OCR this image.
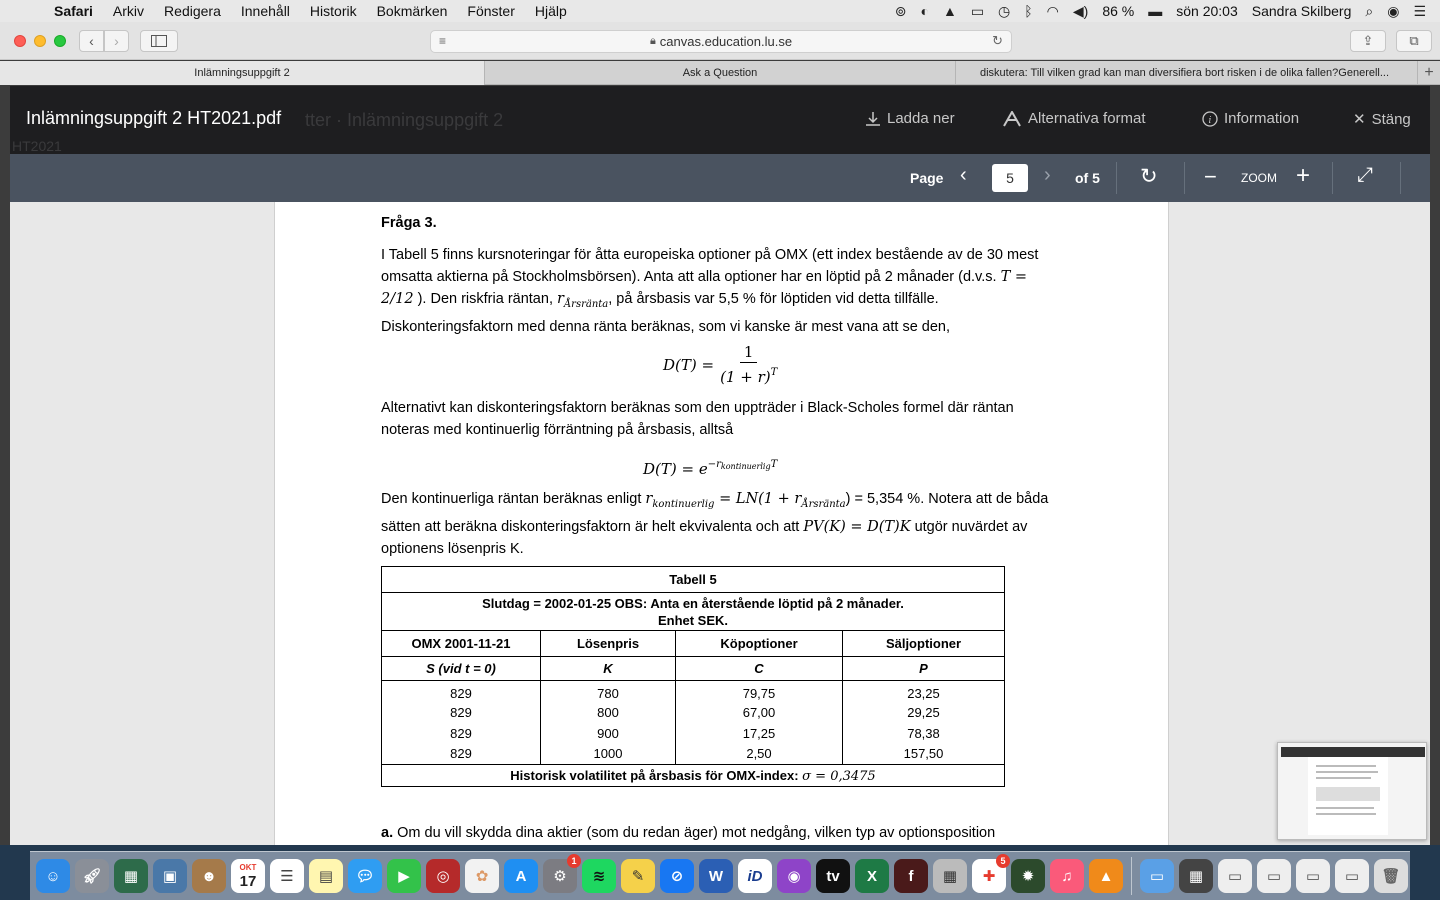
Safari Arkiv Redigera Innehåll Historik Bokmärken Fönster Hjälp	⊚ ◐ ▲ ▭ ◷ ᛒ ◠ ◀) 86 % ▬ sön 20:03 Sandra Skilberg ⌕ ◉ ☰
‹ ›	≡	🔒︎ canvas.education.lu.se	↻	⇪	⧉
Inlämningsuppgift 2	Ask a Question	diskutera: Till vilken grad kan man diversifiera bort risken i de olika fallen?Generell...	+
tter · Inlämningsuppgift 2
HT2021
Inlämningsuppgift 2 HT2021.pdf	Ladda ner	Alternativa format	i Information	✕ Stäng
Page ‹	5	› of 5 ↻ − ZOOM + ⤢
Fråga 3.
I Tabell 5 finns kursnoteringar för åtta europeiska optioner på OMX (ett index bestående av de 30 mest omsatta aktierna på Stockholmsbörsen). Anta att alla optioner har en löptid på 2 månader (d.v.s. T = 2/12 ). Den riskfria räntan, $r_{Årsränta}$, på årsbasis var 5,5 % för löptiden vid detta tillfälle. Diskonteringsfaktorn med denna ränta beräknas, som vi kanske är mest vana att se den,
$D(T) = \frac{1}{(1 + r)^T}$
Alternativt kan diskonteringsfaktorn beräknas som den uppträder i Black-Scholes formel där räntan noteras med kontinuerlig förräntning på årsbasis, alltså
$D(T) = e^{-r_{kontinuerlig}T}$
Den kontinuerliga räntan beräknas enligt $r_{kontinuerlig} = LN(1 + r_{Årsränta}) = 5,354$ %. Notera att de båda sätten att beräkna diskonteringsfaktorn är helt ekvivalenta och att PV(K) = D(T)K utgör nuvärdet av optionens lösenpris K.
a. Om du vill skydda dina aktier (som du redan äger) mot nedgång, vilken typ av optionsposition
Tabell 5			
Slutdag = 2002-01-25 OBS: Anta en återstående löptid på 2 månader.
Enhet SEK.			
OMX 2001-11-21	Lösenpris	Köpoptioner	Säljoptioner
S (vid t = 0)	K	C	P
829	780	79,75	23,25
829	800	67,00	29,25
829	900	17,25	78,38
829	1000	2,50	157,50
Historisk volatilitet på årsbasis för OMX-index: σ = 0,3475			
☺	🚀︎	▦	▣	☻
OKT
17	☰	▤	💬︎	▶	◎	✿	A	⚙
1
≋	✎	⊘	W	iD	◉	tv	X	f	▦	✚
5
✹	♫	▲	▭	▦	▭	▭	▭	▭	🗑︎
